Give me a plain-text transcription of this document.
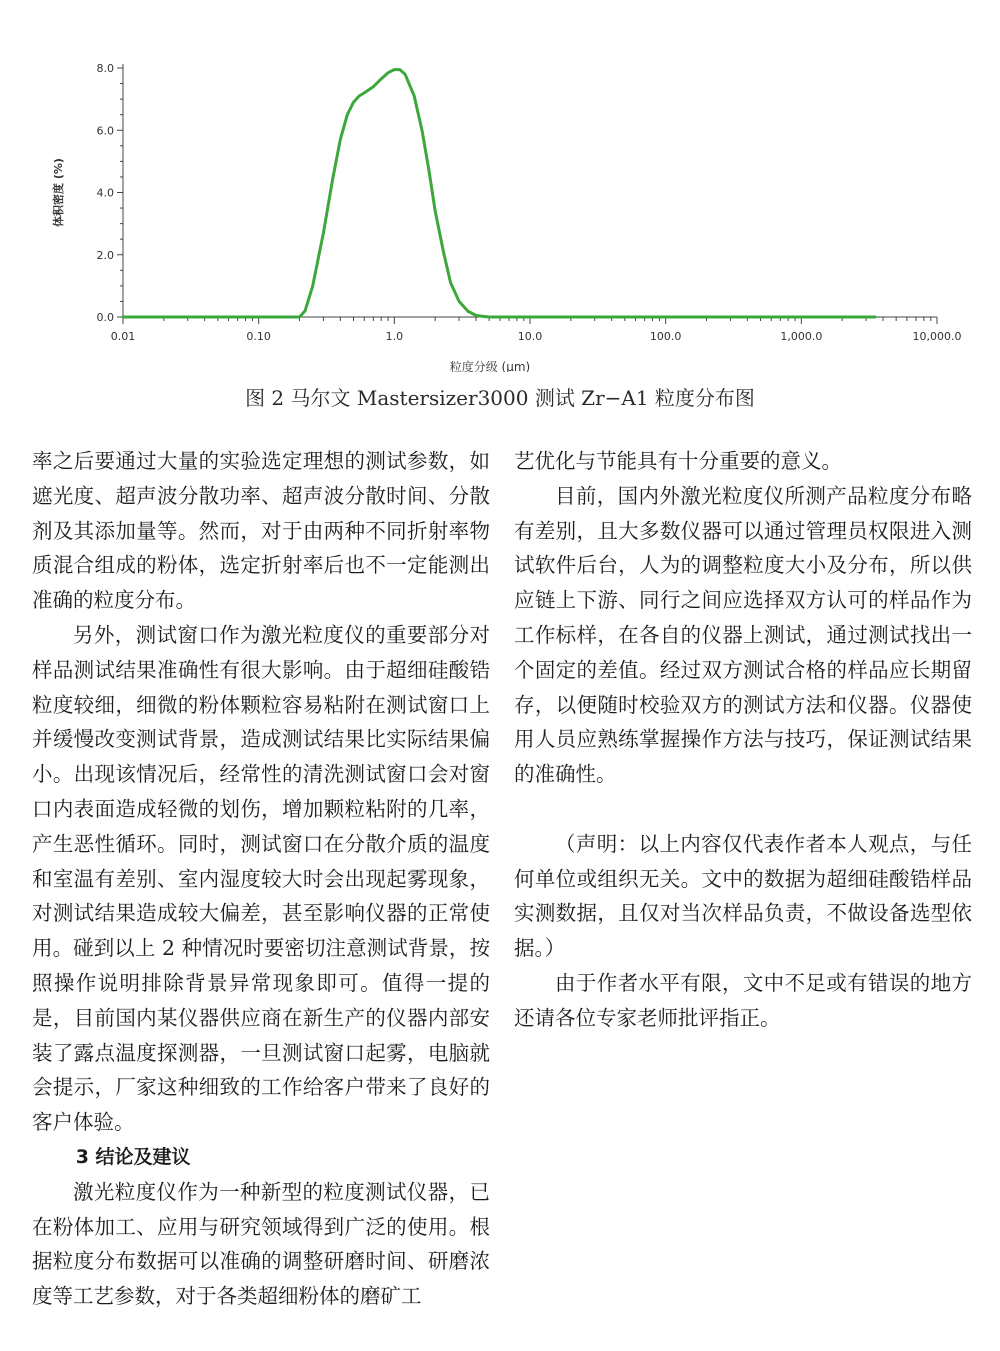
0.0
2.0
4.0
6.0
8.0
0.01	0.10	1.0	10.0	100.0	1,000.0	10,000.0
体积密度 (%)
粒度分级 (μm)
图 2 马尔文 Mastersizer3000 测试 Zr−A1 粒度分布图

率之后要通过大量的实验选定理想的测试参数，如遮光度、超声波分散功率、超声波分散时间、分散剂及其添加量等。然而，对于由两种不同折射率物质混合组成的粉体，选定折射率后也不一定能测出准确的粒度分布。

另外，测试窗口作为激光粒度仪的重要部分对样品测试结果准确性有很大影响。由于超细硅酸锆粒度较细，细微的粉体颗粒容易粘附在测试窗口上并缓慢改变测试背景，造成测试结果比实际结果偏小。出现该情况后，经常性的清洗测试窗口会对窗口内表面造成轻微的划伤，增加颗粒粘附的几率，产生恶性循环。同时，测试窗口在分散介质的温度和室温有差别、室内湿度较大时会出现起雾现象，对测试结果造成较大偏差，甚至影响仪器的正常使用。碰到以上 2 种情况时要密切注意测试背景，按照操作说明排除背景异常现象即可。值得一提的是，目前国内某仪器供应商在新生产的仪器内部安装了露点温度探测器，一旦测试窗口起雾，电脑就会提示，厂家这种细致的工作给客户带来了良好的客户体验。

3 结论及建议

激光粒度仪作为一种新型的粒度测试仪器，已在粉体加工、应用与研究领域得到广泛的使用。根据粒度分布数据可以准确的调整研磨时间、研磨浓度等工艺参数，对于各类超细粉体的磨矿工

艺优化与节能具有十分重要的意义。

目前，国内外激光粒度仪所测产品粒度分布略有差别，且大多数仪器可以通过管理员权限进入测试软件后台，人为的调整粒度大小及分布，所以供应链上下游、同行之间应选择双方认可的样品作为工作标样，在各自的仪器上测试，通过测试找出一个固定的差值。经过双方测试合格的样品应长期留存，以便随时校验双方的测试方法和仪器。仪器使用人员应熟练掌握操作方法与技巧，保证测试结果的准确性。

（声明：以上内容仅代表作者本人观点，与任何单位或组织无关。文中的数据为超细硅酸锆样品实测数据，且仅对当次样品负责，不做设备选型依据。）

由于作者水平有限，文中不足或有错误的地方还请各位专家老师批评指正。
